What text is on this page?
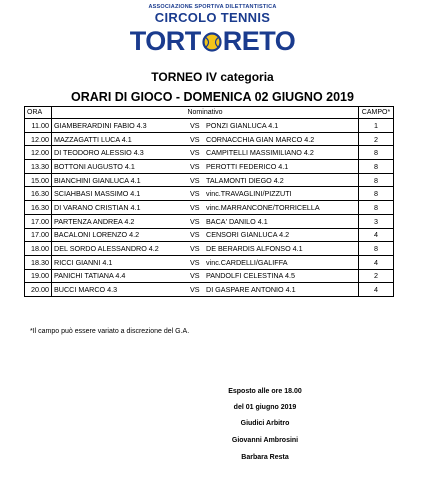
ASSOCIAZIONE SPORTIVA DILETTANTISTICA
CIRCOLO TENNIS
TORT RETO
TORNEO IV categoria
ORARI DI GIOCO - DOMENICA 02 GIUGNO 2019
ORA	Nominativo			CAMPO*
11.00	GIAMBERARDINI FABIO 4.3	VS	PONZI GIANLUCA 4.1	1
12.00	MAZZAGATTI LUCA 4.1	VS	CORNACCHIA GIAN MARCO 4.2	2
12.00	DI TEODORO ALESSIO 4.3	VS	CAMPITELLI MASSIMILIANO 4.2	8
13.30	BOTTONI AUGUSTO 4.1	VS	PEROTTI FEDERICO 4.1	8
15.00	BIANCHINI GIANLUCA 4.1	VS	TALAMONTI DIEGO 4.2	8
16.30	SCIAHBASI MASSIMO 4.1	VS	vinc.TRAVAGLINI/PIZZUTI	8
16.30	DI VARANO CRISTIAN 4.1	VS	vinc.MARRANCONE/TORRICELLA	8
17.00	PARTENZA ANDREA 4.2	VS	BACA' DANILO 4.1	3
17.00	BACALONI LORENZO 4.2	VS	CENSORI GIANLUCA 4.2	4
18.00	DEL SORDO ALESSANDRO 4.2	VS	DE BERARDIS ALFONSO 4.1	8
18.30	RICCI GIANNI 4.1	VS	vinc.CARDELLI/GALIFFA	4
19.00	PANICHI TATIANA 4.4	VS	PANDOLFI CELESTINA 4.5	2
20.00	BUCCI MARCO 4.3	VS	DI GASPARE ANTONIO 4.1	4
*Il campo può essere variato a discrezione del G.A.
Esposto alle ore 18.00
del 01 giugno 2019
Giudici Arbitro
Giovanni Ambrosini
Barbara Resta
